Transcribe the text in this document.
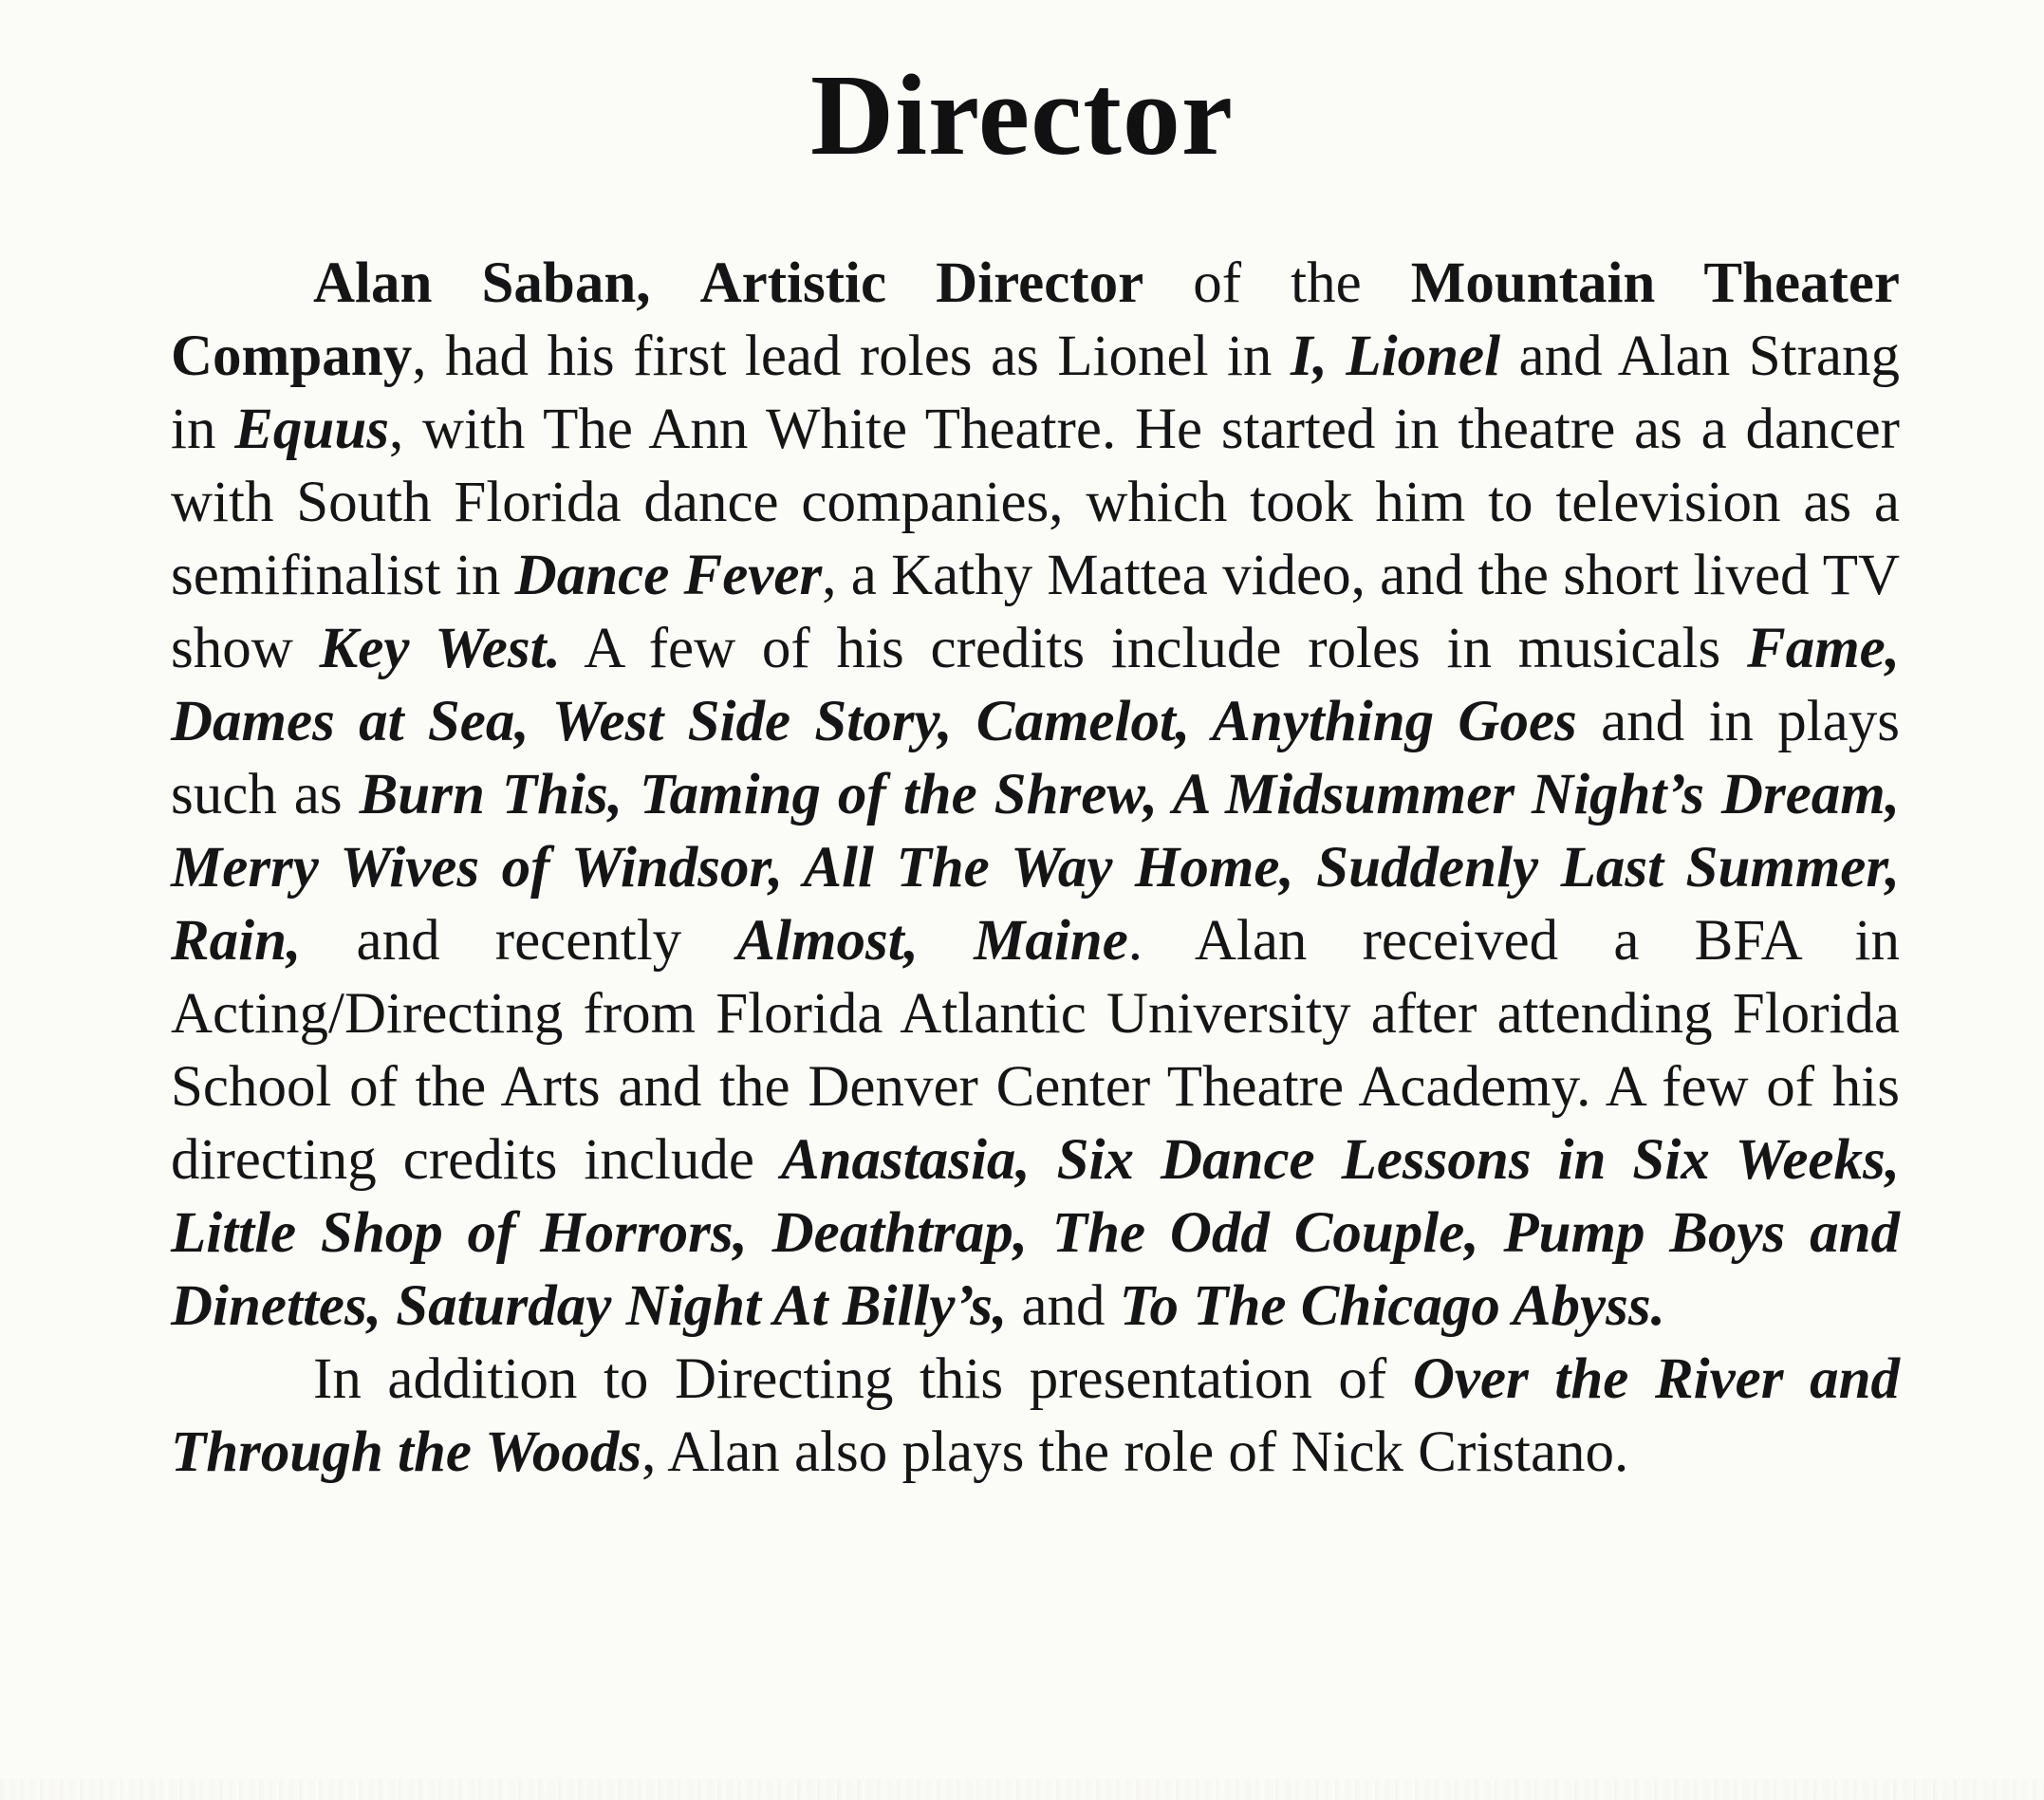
Director

Alan Saban, Artistic Director of the Mountain Theater Company, had his first lead roles as Lionel in I, Lionel and Alan Strang in Equus, with The Ann White Theatre. He started in theatre as a dancer with South Florida dance companies, which took him to television as a semifinalist in Dance Fever, a Kathy Mattea video, and the short lived TV show Key West. A few of his credits include roles in musicals Fame, Dames at Sea, West Side Story, Camelot, Anything Goes and in plays such as Burn This, Taming of the Shrew, A Midsummer Night’s Dream, Merry Wives of Windsor, All The Way Home, Suddenly Last Summer, Rain, and recently Almost, Maine. Alan received a BFA in Acting/Directing from Florida Atlantic University after attending Florida School of the Arts and the Denver Center Theatre Academy. A few of his directing credits include Anastasia, Six Dance Lessons in Six Weeks, Little Shop of Horrors, Deathtrap, The Odd Couple, Pump Boys and Dinettes, Saturday Night At Billy’s, and To The Chicago Abyss.

In addition to Directing this presentation of Over the River and Through the Woods, Alan also plays the role of Nick Cristano.
